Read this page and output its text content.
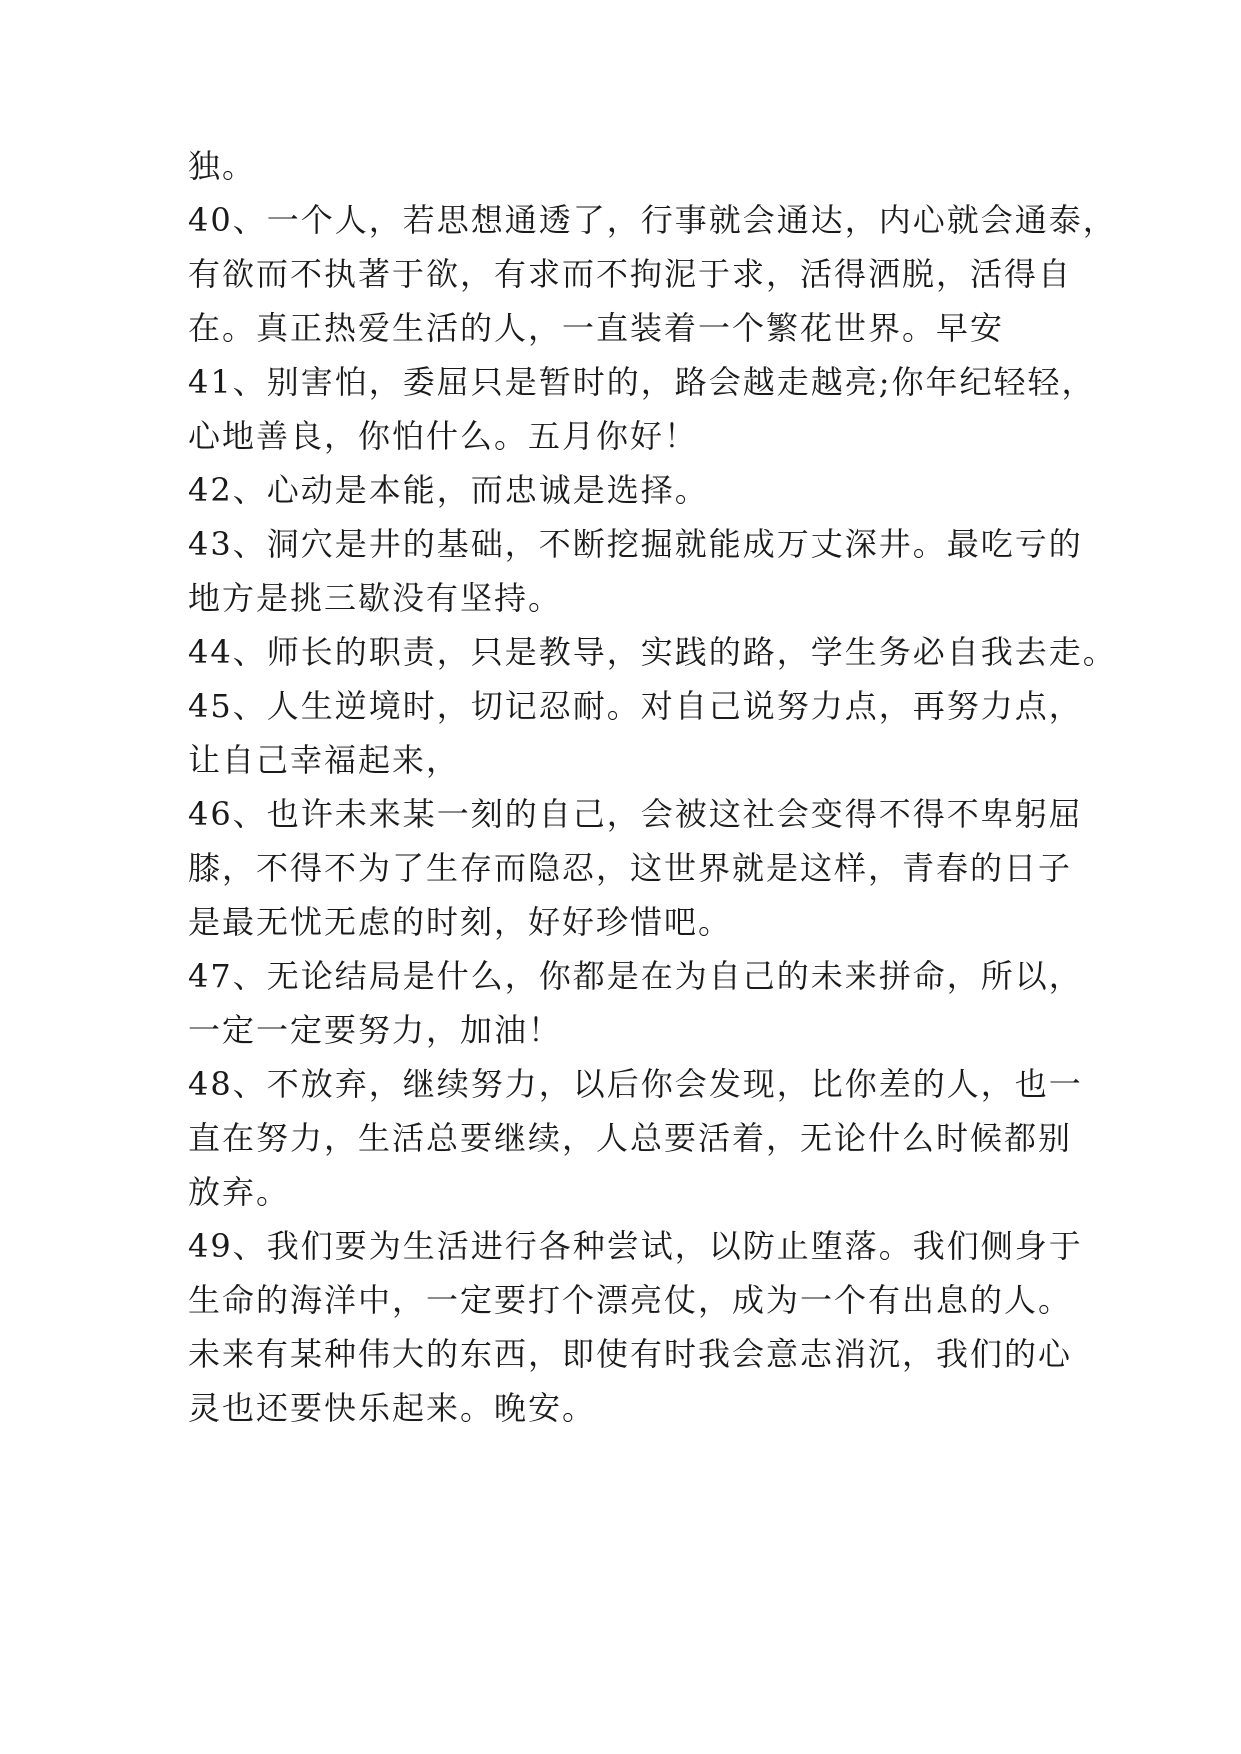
独。
40、一个人，若思想通透了，行事就会通达，内心就会通泰，
有欲而不执著于欲，有求而不拘泥于求，活得洒脱，活得自
在。真正热爱生活的人，一直装着一个繁花世界。早安
41、别害怕，委屈只是暂时的，路会越走越亮;你年纪轻轻，
心地善良，你怕什么。五月你好！
42、心动是本能，而忠诚是选择。
43、洞穴是井的基础，不断挖掘就能成万丈深井。最吃亏的
地方是挑三歇没有坚持。
44、师长的职责，只是教导，实践的路，学生务必自我去走。
45、人生逆境时，切记忍耐。对自己说努力点，再努力点，
让自己幸福起来，
46、也许未来某一刻的自己，会被这社会变得不得不卑躬屈
膝，不得不为了生存而隐忍，这世界就是这样，青春的日子
是最无忧无虑的时刻，好好珍惜吧。
47、无论结局是什么，你都是在为自己的未来拼命，所以，
一定一定要努力，加油！
48、不放弃，继续努力，以后你会发现，比你差的人，也一
直在努力，生活总要继续，人总要活着，无论什么时候都别
放弃。
49、我们要为生活进行各种尝试，以防止堕落。我们侧身于
生命的海洋中，一定要打个漂亮仗，成为一个有出息的人。
未来有某种伟大的东西，即使有时我会意志消沉，我们的心
灵也还要快乐起来。晚安。
